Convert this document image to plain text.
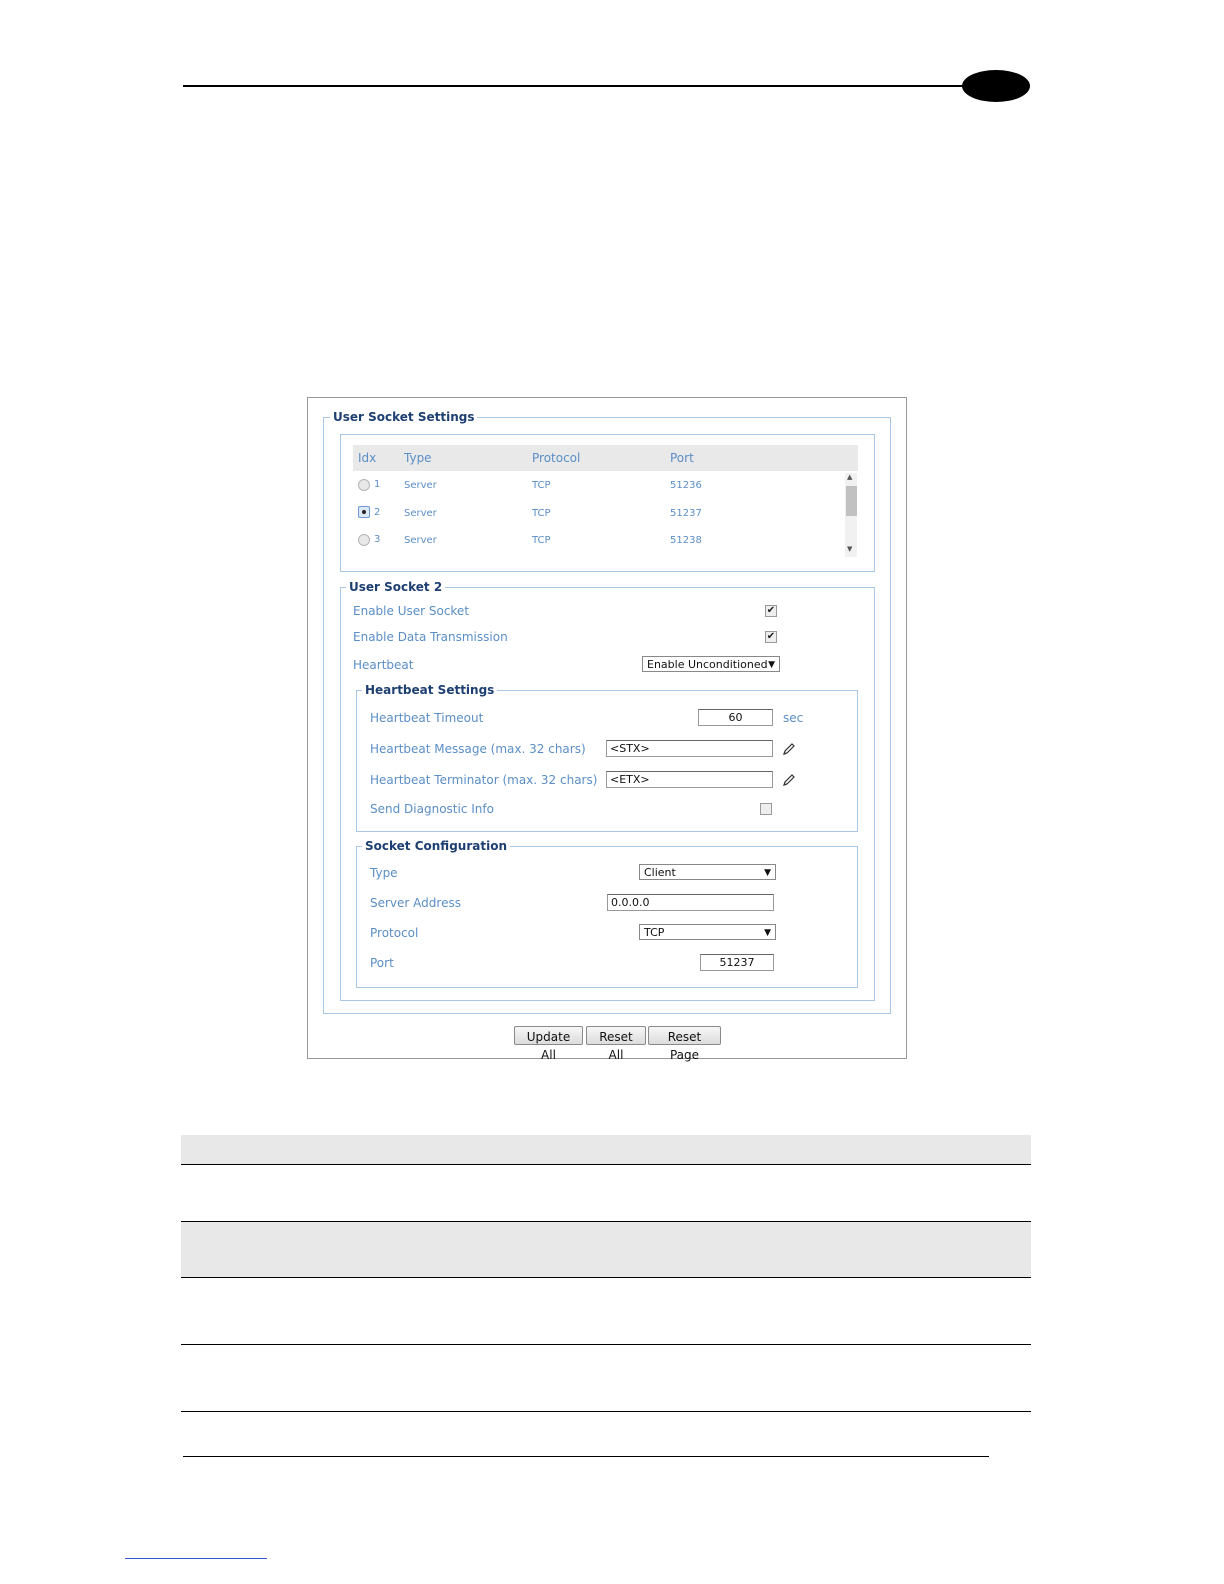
User Socket Settings
Idx Type	Protocol	Port
1 Server	TCP	51236
2 Server	TCP	51237
3 Server	TCP	51238
▲
▼
User Socket 2
Enable User Socket	✔
Enable Data Transmission	✔
Heartbeat	Enable Unconditioned ▼
Heartbeat Settings
Heartbeat Timeout	60	sec
Heartbeat Message (max. 32 chars)	<STX>
Heartbeat Terminator (max. 32 chars)	<ETX>
Send Diagnostic Info
Socket Configuration
Type	Client	▼
Server Address	0.0.0.0
Protocol	TCP	▼
Port	51237
Update All
Reset All
Reset Page
